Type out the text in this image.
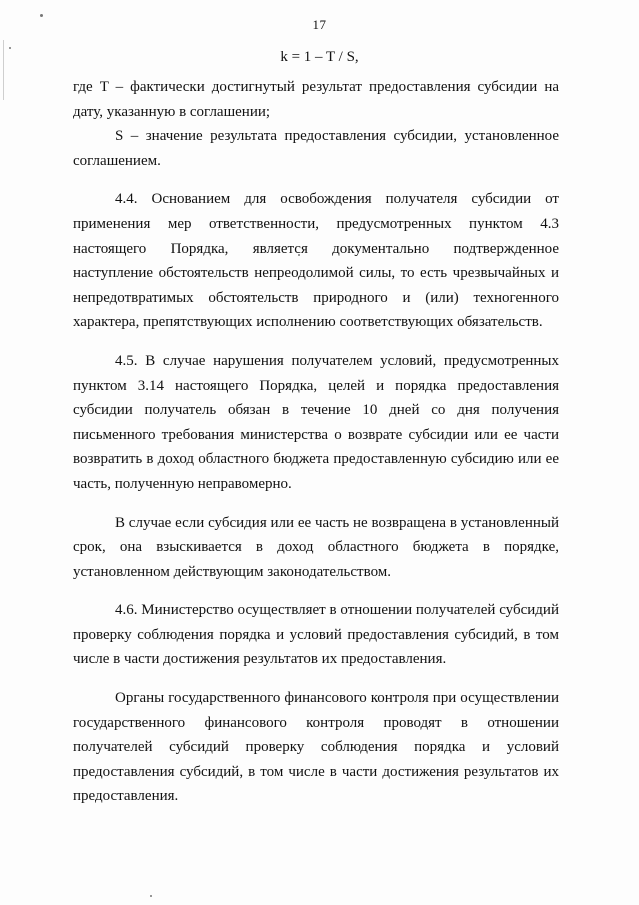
17
k = 1 – T / S,

где T – фактически достигнутый результат предоставления субсидии на дату, указанную в соглашении;

S – значение результата предоставления субсидии, установленное соглашением.

4.4. Основанием для освобождения получателя субсидии от применения мер ответственности, предусмотренных пунктом 4.3 настоящего Порядка, является документально подтвержденное наступление обстоятельств непреодолимой силы, то есть чрезвычайных и непредотвратимых обстоятельств природного и (или) техногенного характера, препятствующих исполнению соответствующих обязательств.

4.5. В случае нарушения получателем условий, предусмотренных пунктом 3.14 настоящего Порядка, целей и порядка предоставления субсидии получатель обязан в течение 10 дней со дня получения письменного требования министерства о возврате субсидии или ее части возвратить в доход областного бюджета предоставленную субсидию или ее часть, полученную неправомерно.

В случае если субсидия или ее часть не возвращена в установленный срок, она взыскивается в доход областного бюджета в порядке, установленном действующим законодательством.

4.6. Министерство осуществляет в отношении получателей субсидий проверку соблюдения порядка и условий предоставления субсидий, в том числе в части достижения результатов их предоставления.

Органы государственного финансового контроля при осуществлении государственного финансового контроля проводят в отношении получателей субсидий проверку соблюдения порядка и условий предоставления субсидий, в том числе в части достижения результатов их предоставления.
